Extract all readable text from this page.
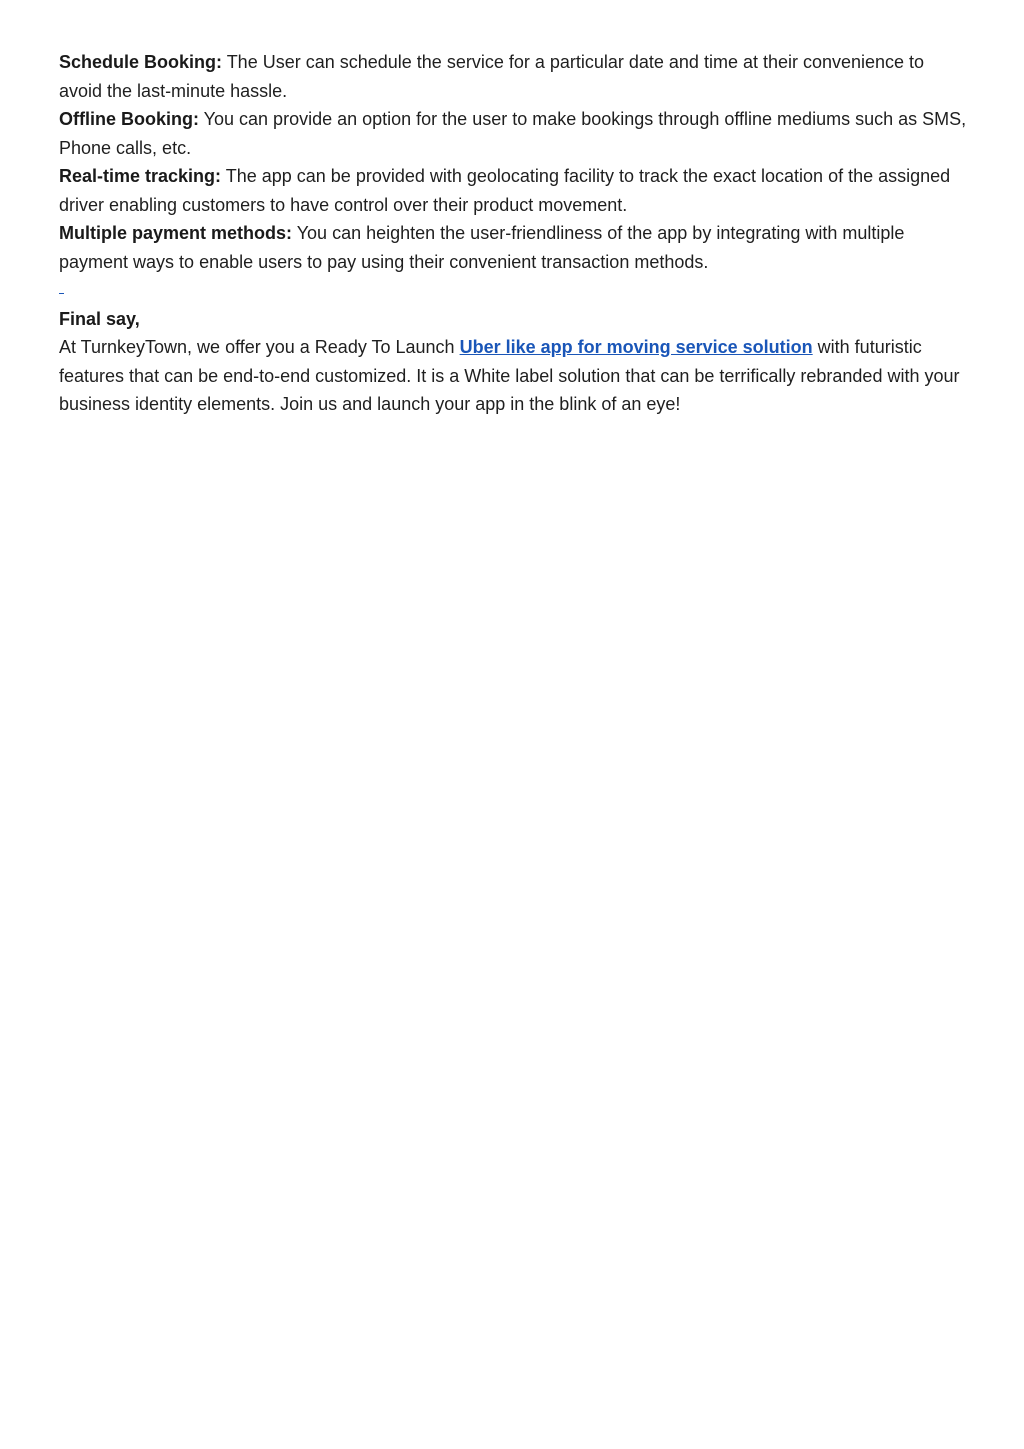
Schedule Booking: The User can schedule the service for a particular date and time at their convenience to avoid the last-minute hassle.

Offline Booking: You can provide an option for the user to make bookings through offline mediums such as SMS, Phone calls, etc.

Real-time tracking: The app can be provided with geolocating facility to track the exact location of the assigned driver enabling customers to have control over their product movement.

Multiple payment methods: You can heighten the user-friendliness of the app by integrating with multiple payment ways to enable users to pay using their convenient transaction methods.

Final say,

At TurnkeyTown, we offer you a Ready To Launch Uber like app for moving service solution with futuristic features that can be end-to-end customized. It is a White label solution that can be terrifically rebranded with your business identity elements. Join us and launch your app in the blink of an eye!
